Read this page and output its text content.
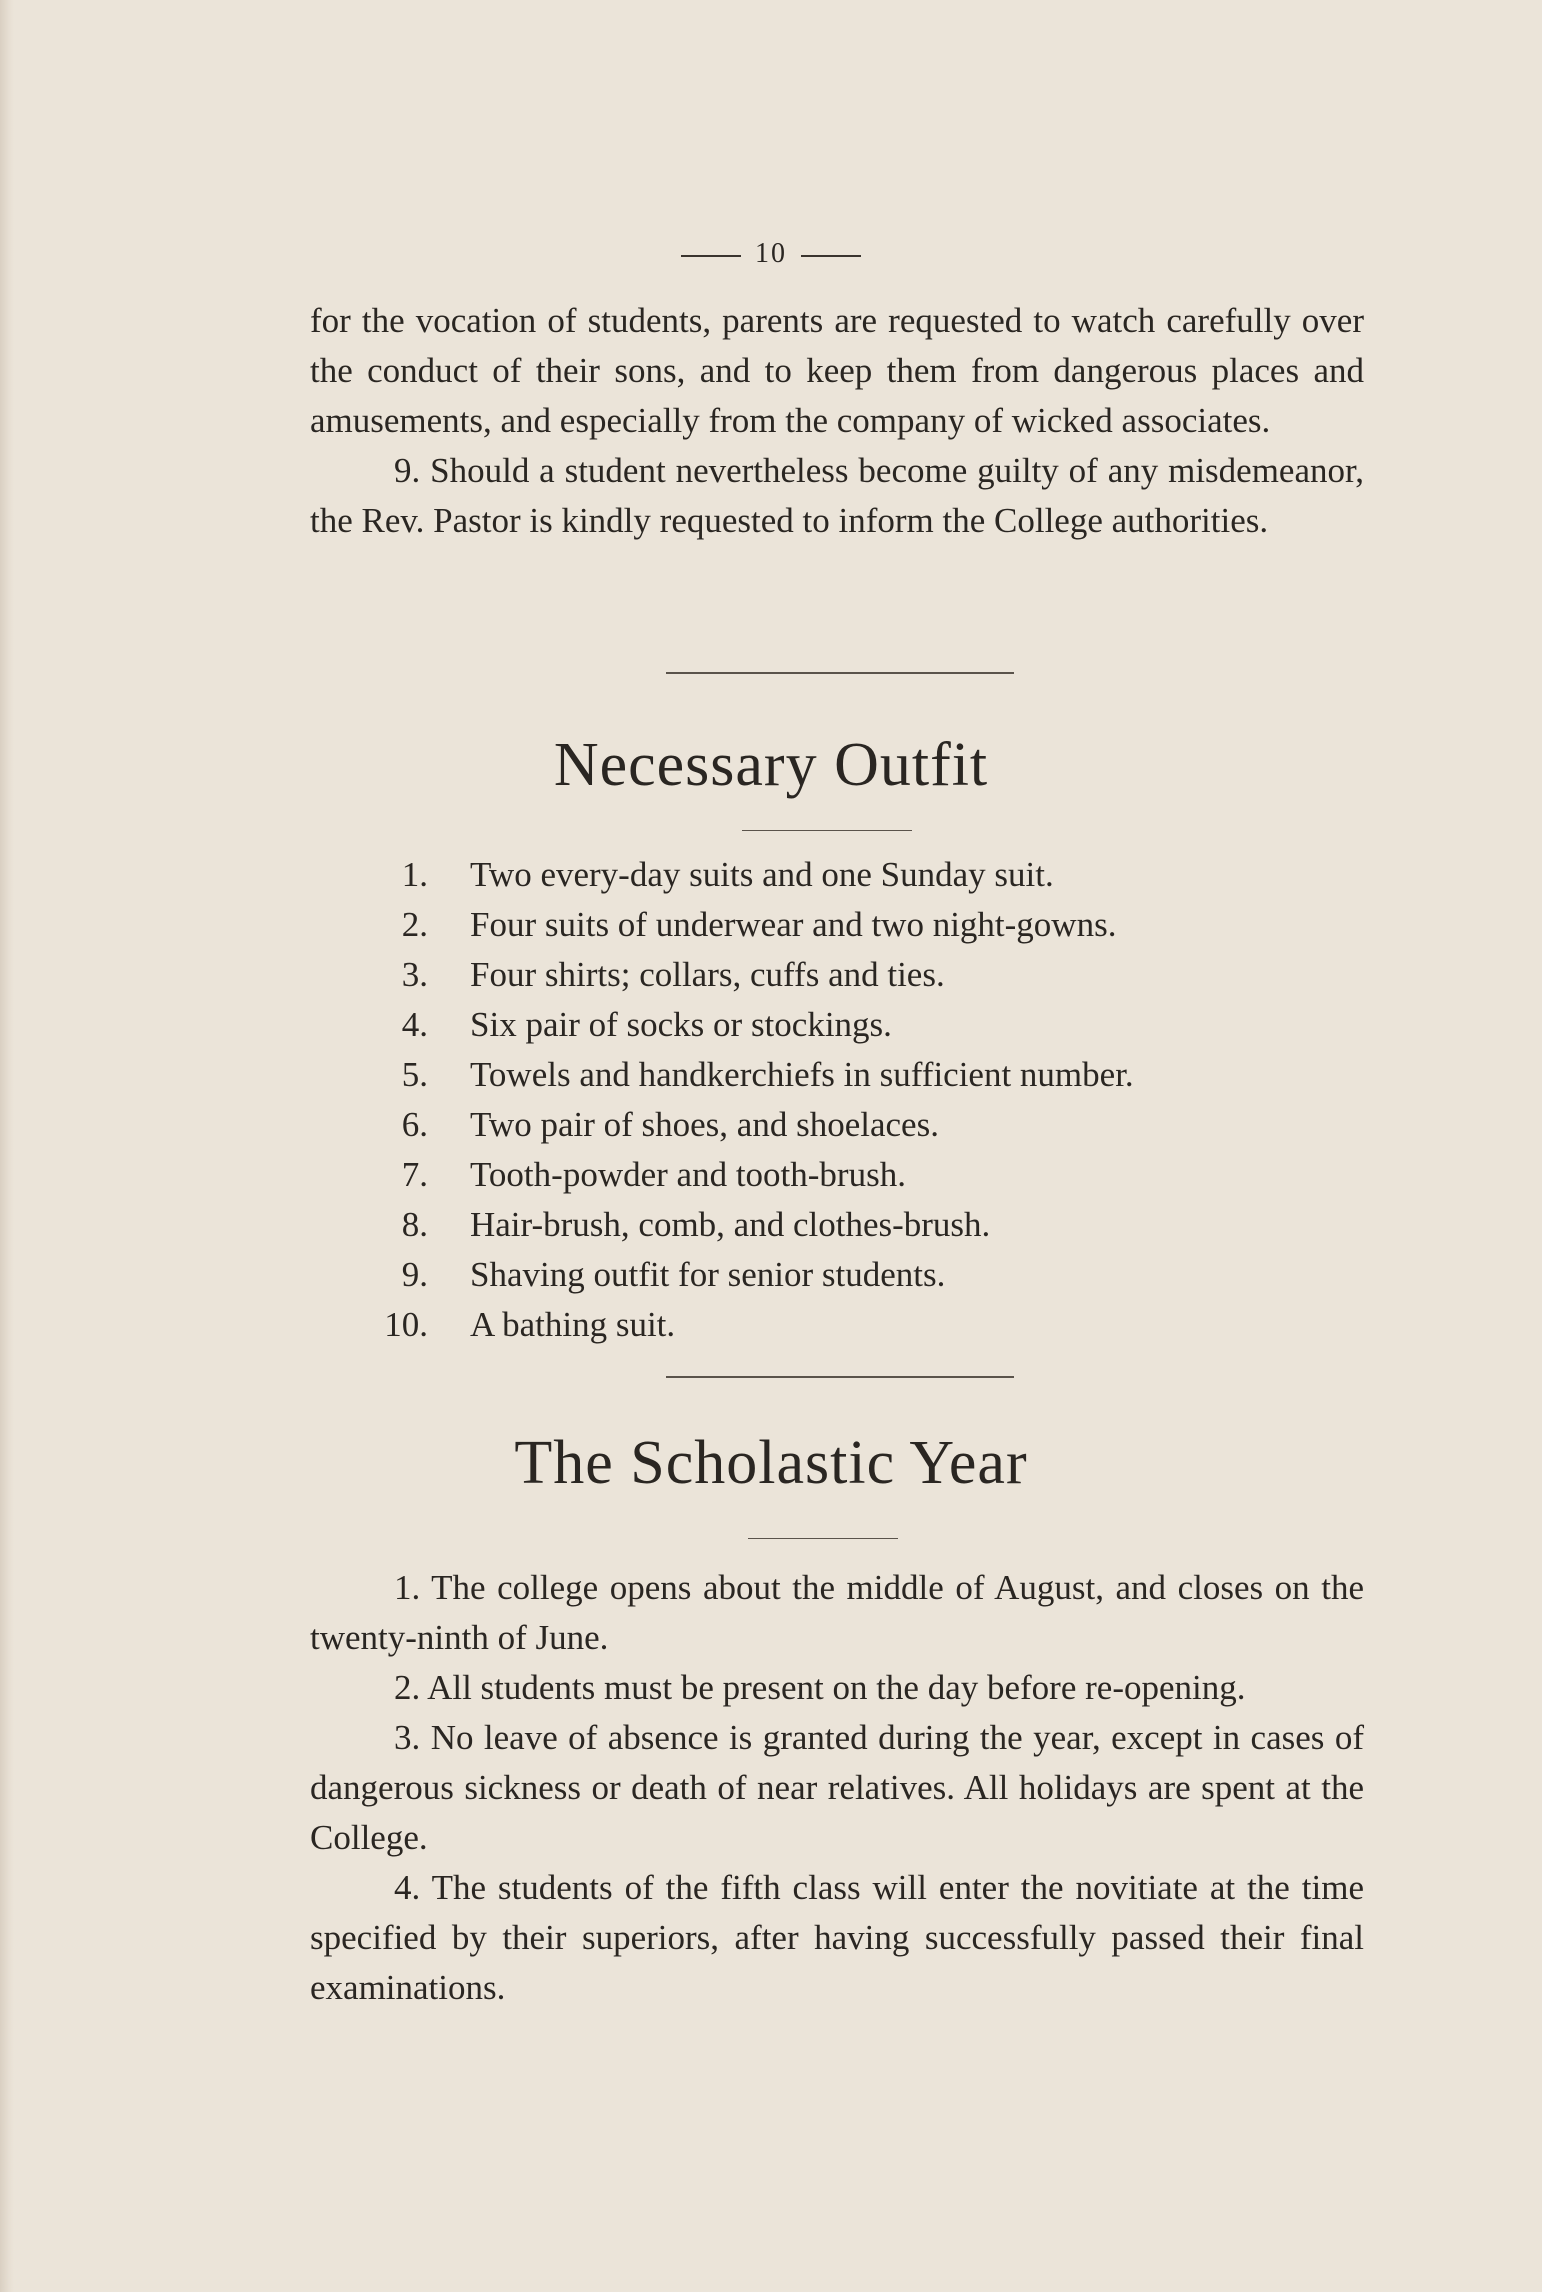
10

for the vocation of students, parents are requested to watch carefully over the conduct of their sons, and to keep them from dangerous places and amusements, and especially from the company of wicked associates.

9. Should a student nevertheless become guilty of any misdemeanor, the Rev. Pastor is kindly requested to inform the College authorities.

Necessary Outfit
1.	Two every-day suits and one Sunday suit.
2.	Four suits of underwear and two night-gowns.
3.	Four shirts; collars, cuffs and ties.
4.	Six pair of socks or stockings.
5.	Towels and handkerchiefs in sufficient number.
6.	Two pair of shoes, and shoelaces.
7.	Tooth-powder and tooth-brush.
8.	Hair-brush, comb, and clothes-brush.
9.	Shaving outfit for senior students.
10.	A bathing suit.
The Scholastic Year

1. The college opens about the middle of August, and closes on the twenty-ninth of June.

2. All students must be present on the day before re-opening.

3. No leave of absence is granted during the year, except in cases of dangerous sickness or death of near relatives. All holidays are spent at the College.

4. The students of the fifth class will enter the novitiate at the time specified by their superiors, after having successfully passed their final examinations.
